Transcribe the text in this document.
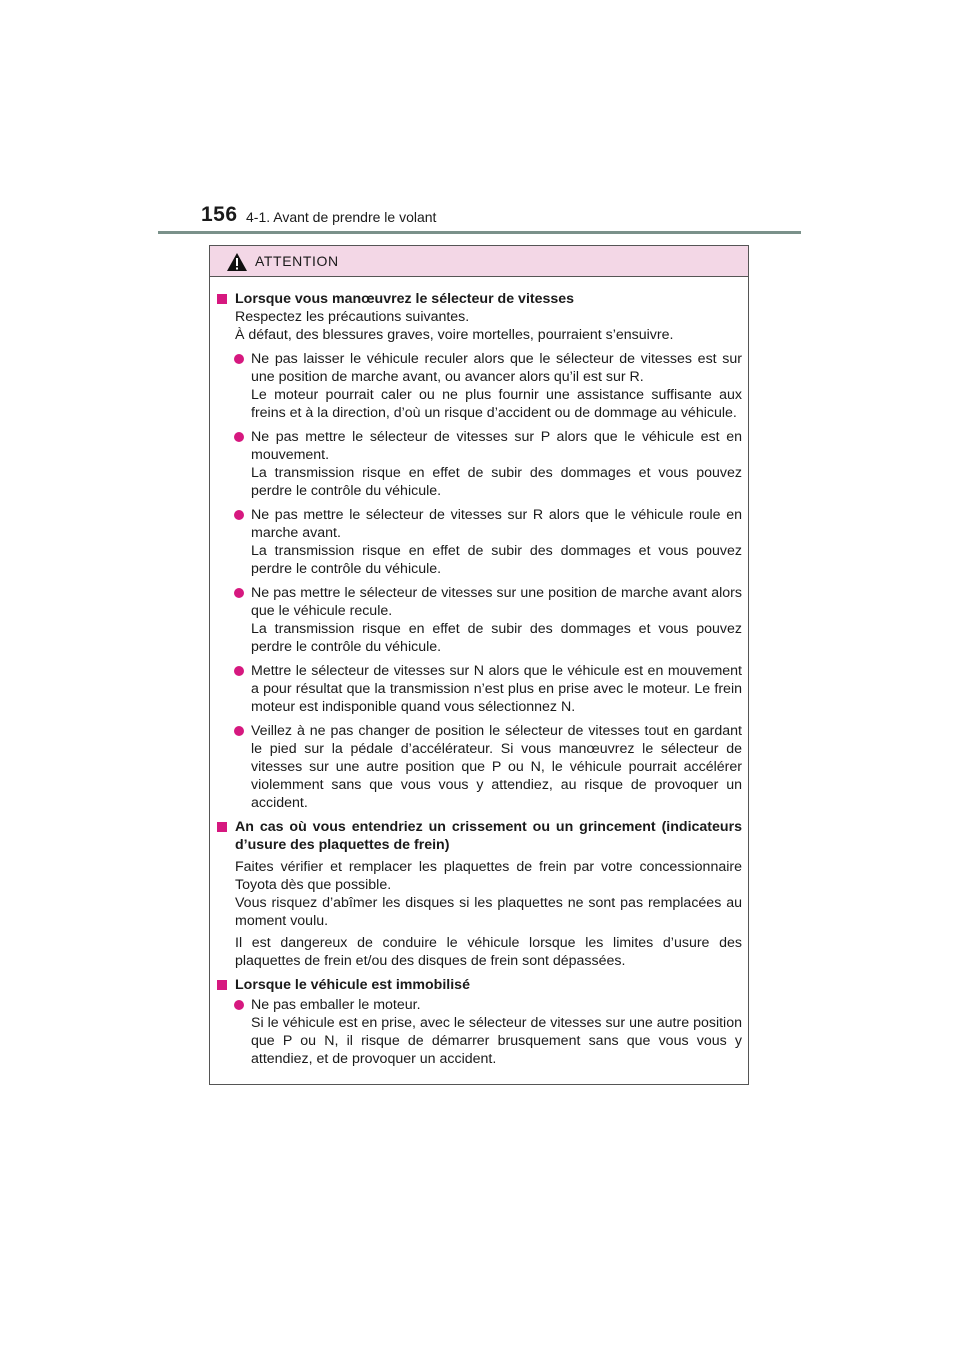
156 4-1. Avant de prendre le volant
ATTENTION
Lorsque vous manœuvrez le sélecteur de vitesses
Respectez les précautions suivantes.
À défaut, des blessures graves, voire mortelles, pourraient s’ensuivre.
Ne pas laisser le véhicule reculer alors que le sélecteur de vitesses est sur une position de marche avant, ou avancer alors qu’il est sur R.
Le moteur pourrait caler ou ne plus fournir une assistance suffisante aux freins et à la direction, d’où un risque d’accident ou de dommage au véhicule.
Ne pas mettre le sélecteur de vitesses sur P alors que le véhicule est en mouvement.
La transmission risque en effet de subir des dommages et vous pouvez perdre le contrôle du véhicule.
Ne pas mettre le sélecteur de vitesses sur R alors que le véhicule roule en marche avant.
La transmission risque en effet de subir des dommages et vous pouvez perdre le contrôle du véhicule.
Ne pas mettre le sélecteur de vitesses sur une position de marche avant alors que le véhicule recule.
La transmission risque en effet de subir des dommages et vous pouvez perdre le contrôle du véhicule.
Mettre le sélecteur de vitesses sur N alors que le véhicule est en mouvement a pour résultat que la transmission n’est plus en prise avec le moteur. Le frein moteur est indisponible quand vous sélectionnez N.
Veillez à ne pas changer de position le sélecteur de vitesses tout en gardant le pied sur la pédale d’accélérateur. Si vous manœuvrez le sélecteur de vitesses sur une autre position que P ou N, le véhicule pourrait accélérer violemment sans que vous vous y attendiez, au risque de provoquer un accident.
An cas où vous entendriez un crissement ou un grincement (indicateurs d’usure des plaquettes de frein)
Faites vérifier et remplacer les plaquettes de frein par votre concessionnaire Toyota dès que possible.
Vous risquez d’abîmer les disques si les plaquettes ne sont pas remplacées au moment voulu.
Il est dangereux de conduire le véhicule lorsque les limites d’usure des plaquettes de frein et/ou des disques de frein sont dépassées.
Lorsque le véhicule est immobilisé
Ne pas emballer le moteur.
Si le véhicule est en prise, avec le sélecteur de vitesses sur une autre position que P ou N, il risque de démarrer brusquement sans que vous vous y attendiez, et de provoquer un accident.
